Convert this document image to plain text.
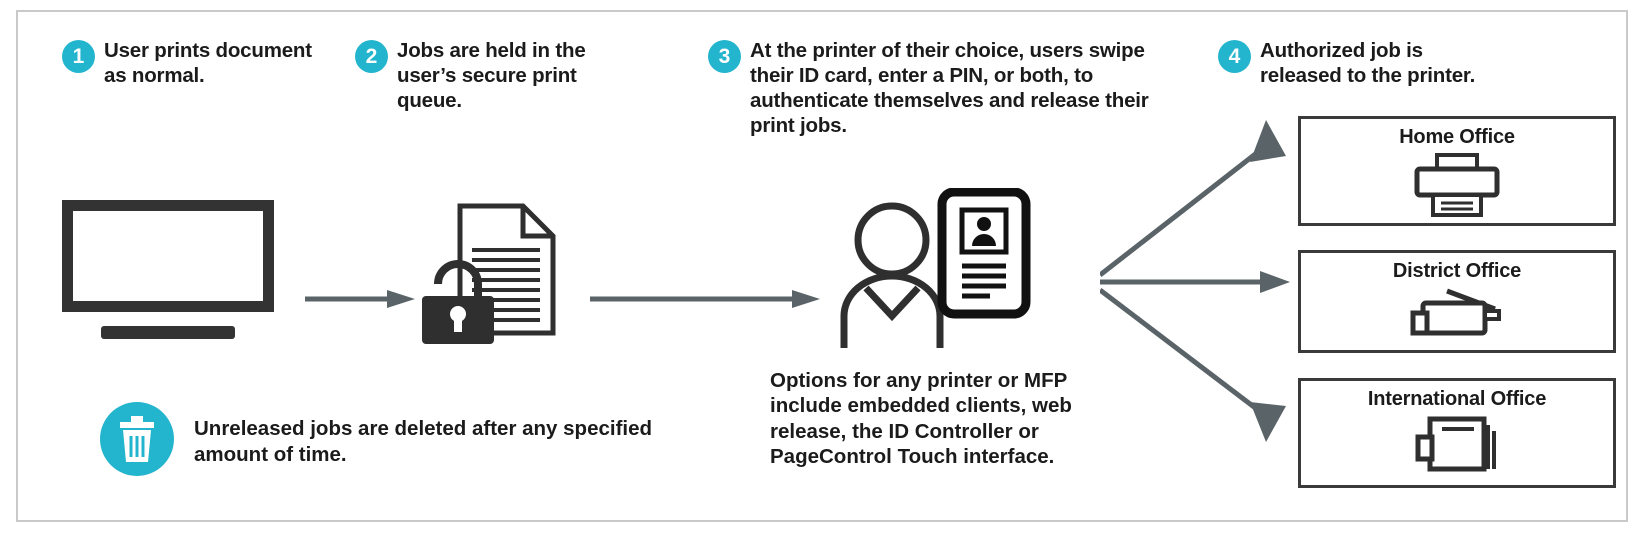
1 User prints document as normal.
2 Jobs are held in the user’s secure print queue.
3 At the printer of their choice, users swipe their ID card, enter a PIN, or both, to authenticate themselves and release their print jobs.
4 Authorized job is released to the printer.
Home Office
District Office
International Office
Unreleased jobs are deleted after any specified amount of time.
Options for any printer or MFP include embedded clients, web release, the ID Controller or PageControl Touch interface.
